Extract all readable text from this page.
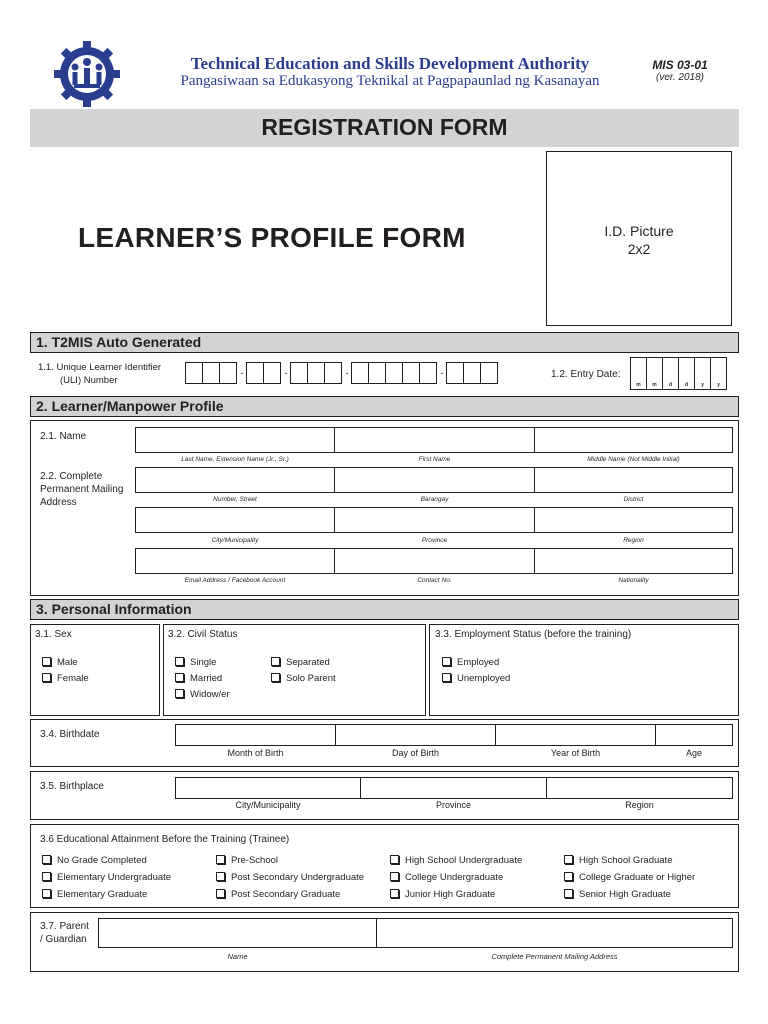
Technical Education and Skills Development Authority
Pangasiwaan sa Edukasyong Teknikal at Pagpapaunlad ng Kasanayan
MIS 03-01
(ver. 2018)
REGISTRATION FORM
LEARNER’S PROFILE FORM	I.D. Picture
2x2
1. T2MIS Auto Generated
1.1. Unique Learner Identifier
(ULI) Number
-	-	-	-	1.2. Entry Date:
m	m	d	d	y	y
2. Learner/Manpower Profile
2.1. Name
2.2. Complete
Permanent Mailing
Address
Last Name, Extension Name (Jr., Sr.)	First Name	Middle Name (Not Middle Initial)
Number, Street	Barangay	District
City/Municipality	Province	Region
Email Address / Facebook Account	Contact No.	Nationality
3. Personal Information
3.1. Sex	3.2. Civil Status	3.3. Employment Status (before the training)
Male
Female
Single
Married
Widow/er
Separated
Solo Parent
Employed
Unemployed
3.4. Birthdate
Month of Birth	Day of Birth	Year of Birth	Age
3.5. Birthplace
City/Municipality	Province	Region
3.6 Educational Attainment Before the Training (Trainee)
No Grade Completed
Elementary Undergraduate
Elementary Graduate
Pre-School
Post Secondary Undergraduate
Post Secondary Graduate
High School Undergraduate
College Undergraduate
Junior High Graduate
High School Graduate
College Graduate or Higher
Senior High Graduate
3.7. Parent
/ Guardian
Name	Complete Permanent Mailing Address
